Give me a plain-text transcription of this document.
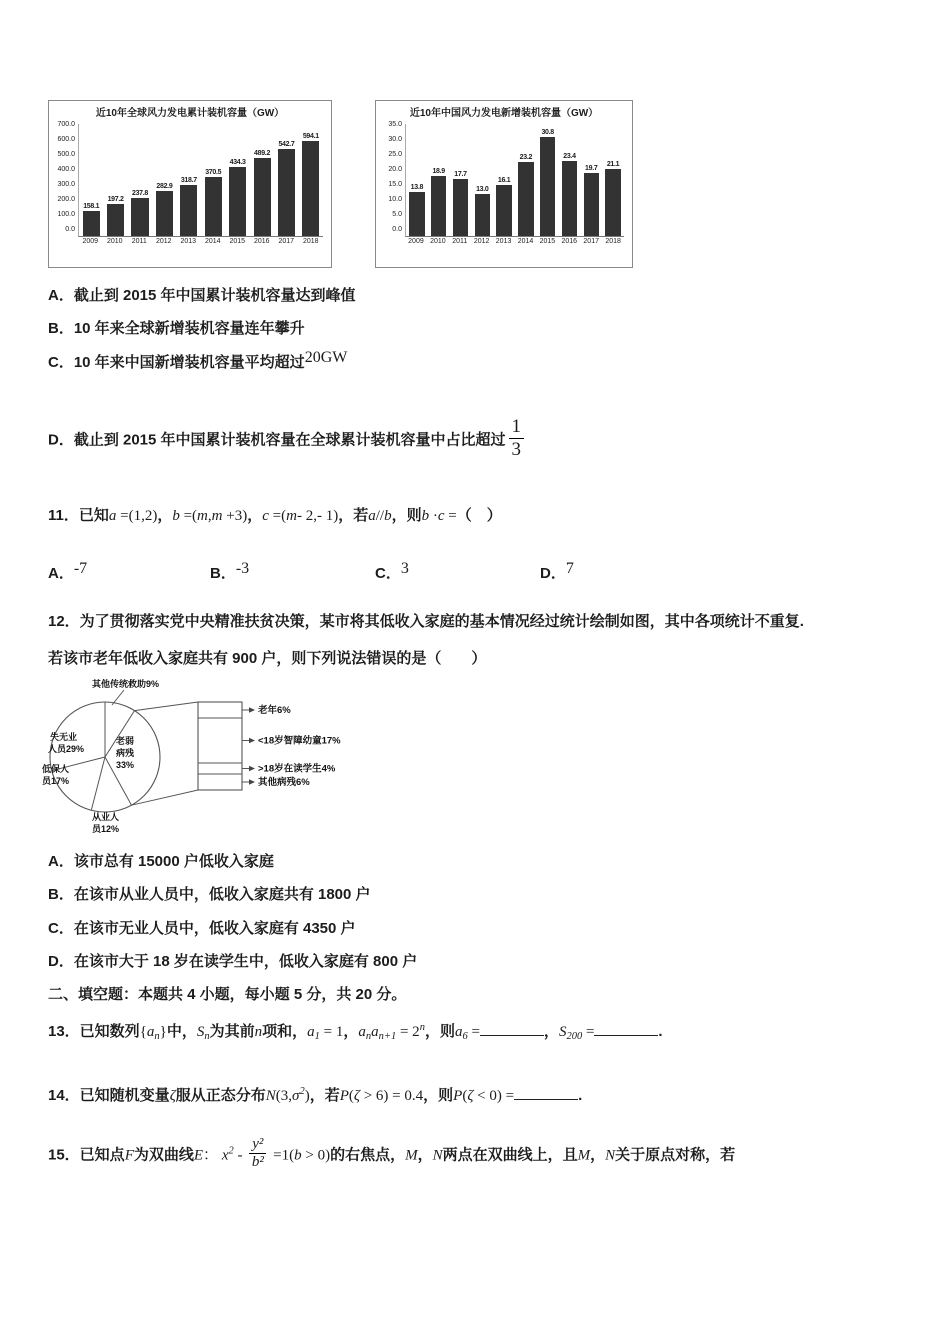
近10年全球风力发电累计装机容量（GW）
700.0
600.0
500.0
400.0
300.0
200.0
100.0
0.0
158.1
197.2
237.8
282.9
318.7
370.5
434.3
489.2
542.7
594.1
2009	2010	2011	2012	2013	2014	2015	2016	2017	2018
近10年中国风力发电新增装机容量（GW）
35.0
30.0
25.0
20.0
15.0
10.0
5.0
0.0
13.8
18.9
17.7
13.0
16.1
23.2
30.8
23.4
19.7
21.1
2009 2010 2011 2012 2013 2014 2015 2016 2017 2018
A．截止到 2015 年中国累计装机容量达到峰值
B．10 年来全球新增装机容量连年攀升
C．10 年来中国新增装机容量平均超过20GW
D．截止到 2015 年中国累计装机容量在全球累计装机容量中占比超过 $\frac{1}{3}$
11．已知a =(1,2)，b =(m,m +3)，c =(m- 2,- 1)，若a//b，则b ·c =（　）
A．-7	B．-3	C．3	D．7
12．为了贯彻落实党中央精准扶贫决策，某市将其低收入家庭的基本情况经过统计绘制如图，其中各项统计不重复.
若该市老年低收入家庭共有 900 户，则下列说法错误的是（　　）
其他传统救助9%
失无业
人员29%
老弱
病残
33%
低保人
员17%
从业人
员12%
老年6%
<18岁智障幼童17%
>18岁在读学生4%
其他病残6%
A．该市总有 15000 户低收入家庭
B．在该市从业人员中，低收入家庭共有 1800 户
C．在该市无业人员中，低收入家庭有 4350 户
D．在该市大于 18 岁在读学生中，低收入家庭有 800 户
二、填空题：本题共 4 小题，每小题 5 分，共 20 分。
13．已知数列$\{a_n\}$中，$S_n$为其前n项和，$a_1 = 1$，$a_na_{n+1} = 2^n$，则$a_6$ =	，$S_{200}$ =	.
14．已知随机变量ζ服从正态分布$N(3,\sigma^2)$，若P(ζ > 6) = 0.4，则P(ζ < 0) =	.
15．已知点F为双曲线E： $x^2 - \frac{\text{y²}}{\text{b²}} =1(b > 0)$的右焦点，M，N两点在双曲线上，且M，N关于原点对称，若
